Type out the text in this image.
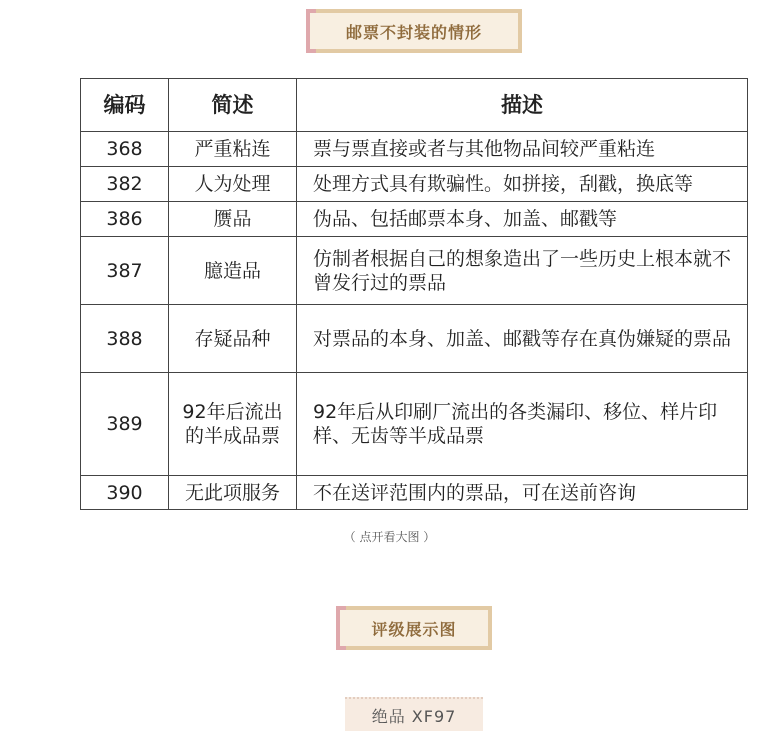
邮票不封装的情形
编码	简述	描述
368	严重粘连	票与票直接或者与其他物品间较严重粘连
382	人为处理	处理方式具有欺骗性。如拼接，刮戳，换底等
386	赝品	伪品、包括邮票本身、加盖、邮戳等
387	臆造品	仿制者根据自己的想象造出了一些历史上根本就不曾发行过的票品
388	存疑品种	对票品的本身、加盖、邮戳等存在真伪嫌疑的票品
389	92年后流出的半成品票	92年后从印刷厂流出的各类漏印、移位、样片印样、无齿等半成品票
390	无此项服务	不在送评范围内的票品，可在送前咨询
（ 点开看大图 ）
评级展示图
绝品 XF97
